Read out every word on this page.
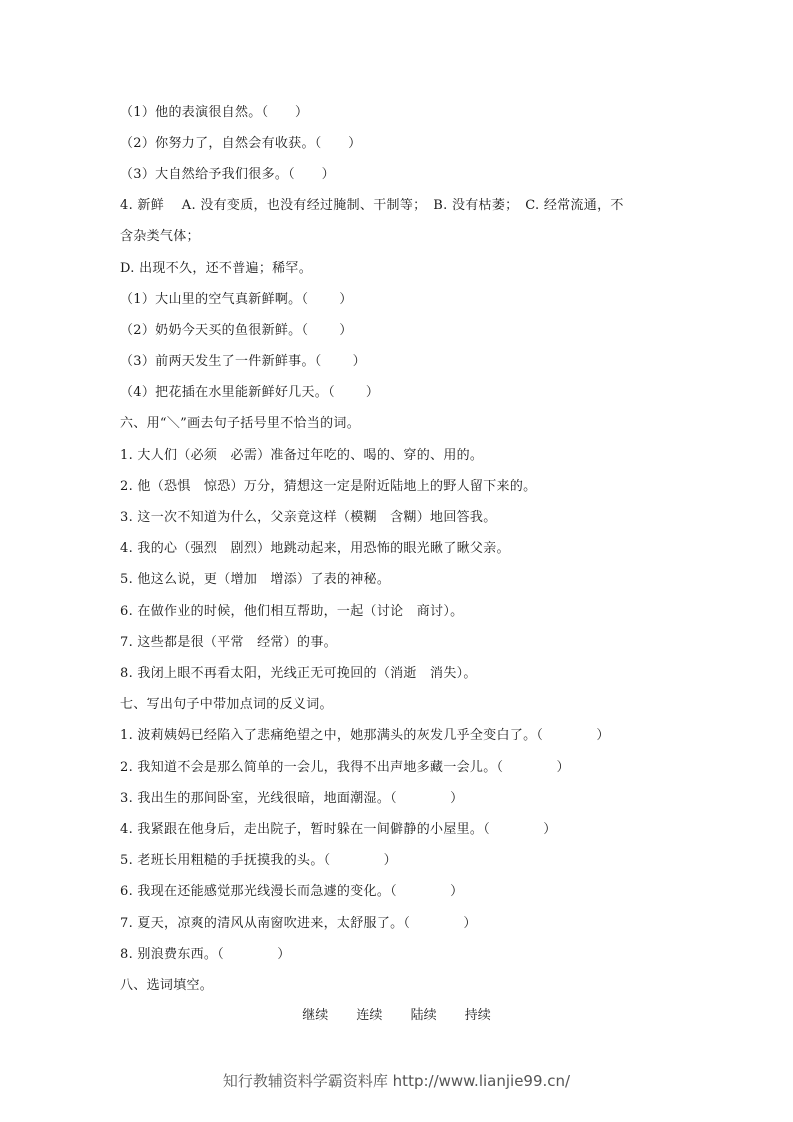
（1）他的表演很自然。（　　）
（2）你努力了，自然会有收获。（　　）
（3）大自然给予我们很多。（　　）
4. 新鲜　 A. 没有变质，也没有经过腌制、干制等；　B. 没有枯萎；　C. 经常流通，不
含杂类气体；
D. 出现不久，还不普遍；稀罕。
（1）大山里的空气真新鲜啊。（　　 ）
（2）奶奶今天买的鱼很新鲜。（　　 ）
（3）前两天发生了一件新鲜事。（　　 ）
（4）把花插在水里能新鲜好几天。（　　 ）
六、用“＼”画去句子括号里不恰当的词。
1. 大人们（必须　必需）准备过年吃的、喝的、穿的、用的。
2. 他（恐惧　惊恐）万分，猜想这一定是附近陆地上的野人留下来的。
3. 这一次不知道为什么，父亲竟这样（模糊　含糊）地回答我。
4. 我的心（强烈　剧烈）地跳动起来，用恐怖的眼光瞅了瞅父亲。
5. 他这么说，更（增加　增添）了表的神秘。
6. 在做作业的时候，他们相互帮助，一起（讨论　商讨）。
7. 这些都是很（平常　经常）的事。
8. 我闭上眼不再看太阳，光线正无可挽回的（消逝　消失）。
七、写出句子中带加点词的反义词。
1. 波莉姨妈已经陷入了悲痛绝望之中，她那满头的灰发几乎全变白了。（　　　　）
2. 我知道不会是那么简单的一会儿，我得不出声地多藏一会儿。（　　　　）
3. 我出生的那间卧室，光线很暗，地面潮湿。（　　　　）
4. 我紧跟在他身后，走出院子，暂时躲在一间僻静的小屋里。（　　　　）
5. 老班长用粗糙的手抚摸我的头。（　　　　）
6. 我现在还能感觉那光线漫长而急遽的变化。（　　　　）
7. 夏天，凉爽的清风从南窗吹进来，太舒服了。（　　　　）
8. 别浪费东西。（　　　　）
八、选词填空。
继续 连续 陆续 持续
知行教辅资料学霸资料库 http://www.lianjie99.cn/
